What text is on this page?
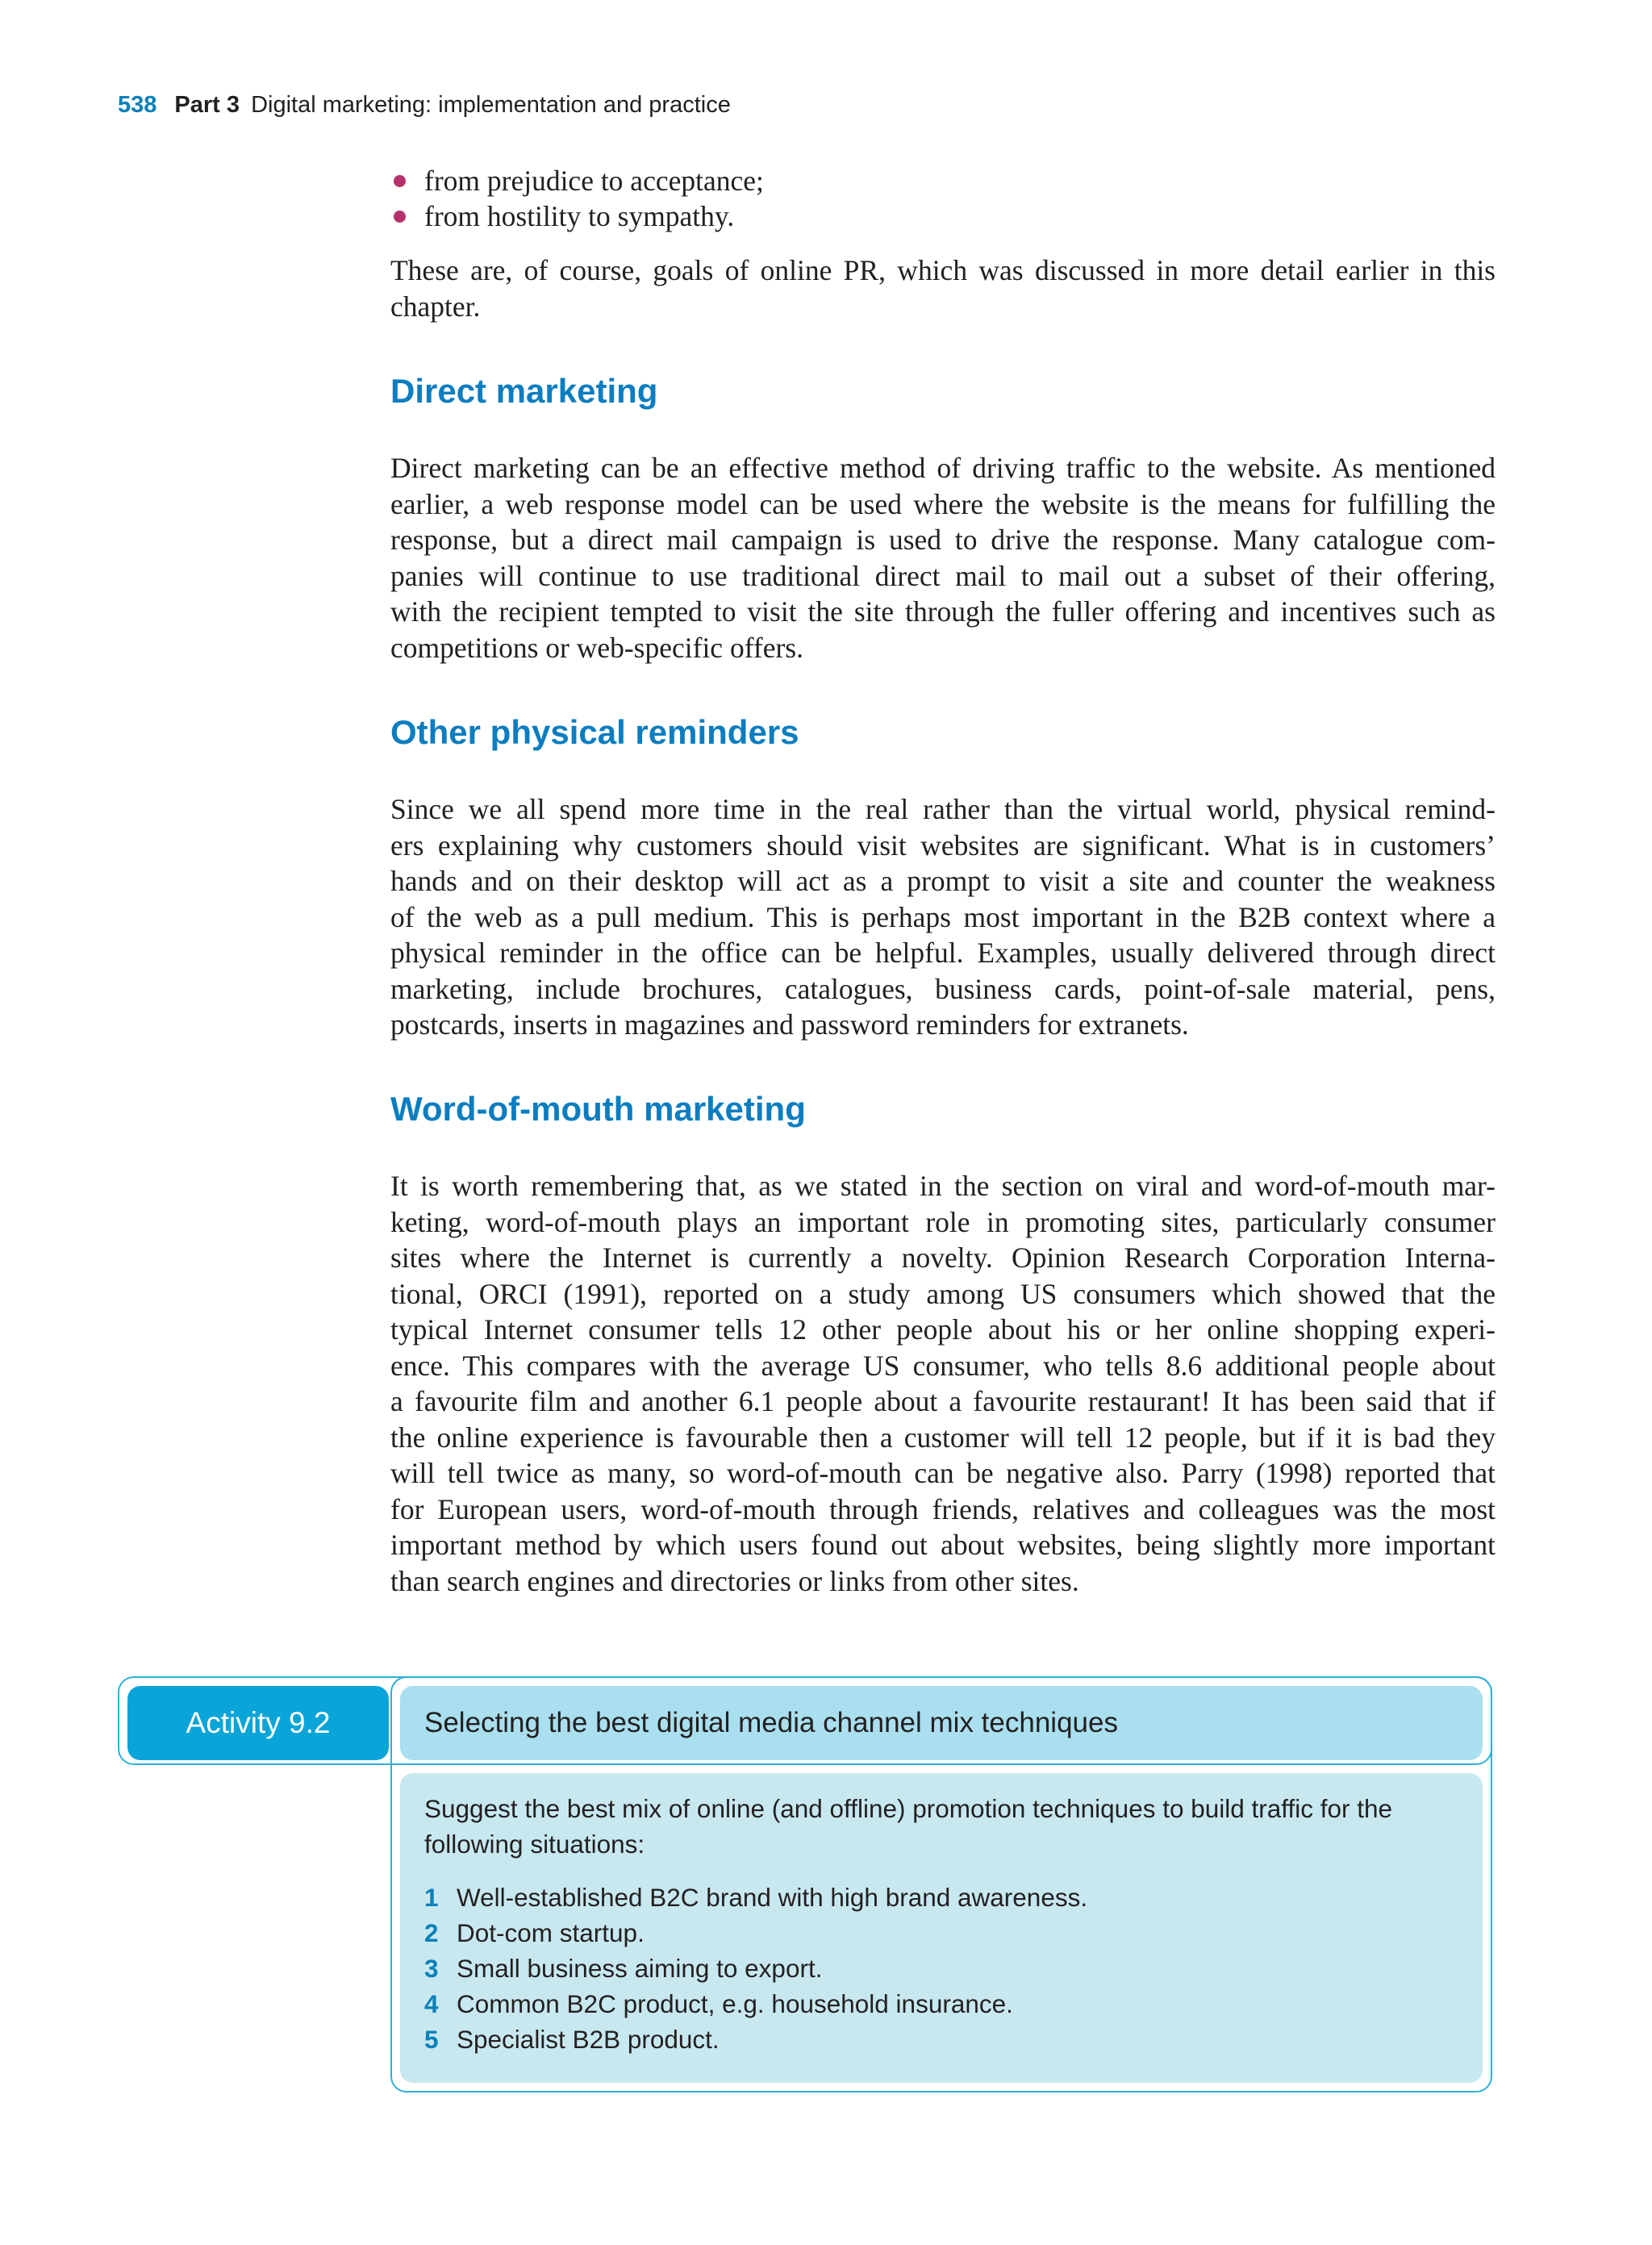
538 Part 3 Digital marketing: implementation and practice
from prejudice to acceptance;
from hostility to sympathy.
These are, of course, goals of online PR, which was discussed in more detail earlier in this
chapter.
Direct marketing
Direct marketing can be an effective method of driving traffic to the website. As mentioned
earlier, a web response model can be used where the website is the means for fulfilling the
response, but a direct mail campaign is used to drive the response. Many catalogue com-
panies will continue to use traditional direct mail to mail out a subset of their offering,
with the recipient tempted to visit the site through the fuller offering and incentives such as
competitions or web-specific offers.
Other physical reminders
Since we all spend more time in the real rather than the virtual world, physical remind-
ers explaining why customers should visit websites are significant. What is in customers’
hands and on their desktop will act as a prompt to visit a site and counter the weakness
of the web as a pull medium. This is perhaps most important in the B2B context where a
physical reminder in the office can be helpful. Examples, usually delivered through direct
marketing, include brochures, catalogues, business cards, point-of-sale material, pens,
postcards, inserts in magazines and password reminders for extranets.
Word-of-mouth marketing
It is worth remembering that, as we stated in the section on viral and word-of-mouth mar-
keting, word-of-mouth plays an important role in promoting sites, particularly consumer
sites where the Internet is currently a novelty. Opinion Research Corporation Interna-
tional, ORCI (1991), reported on a study among US consumers which showed that the
typical Internet consumer tells 12 other people about his or her online shopping experi-
ence. This compares with the average US consumer, who tells 8.6 additional people about
a favourite film and another 6.1 people about a favourite restaurant! It has been said that if
the online experience is favourable then a customer will tell 12 people, but if it is bad they
will tell twice as many, so word-of-mouth can be negative also. Parry (1998) reported that
for European users, word-of-mouth through friends, relatives and colleagues was the most
important method by which users found out about websites, being slightly more important
than search engines and directories or links from other sites.
Activity 9.2	Selecting the best digital media channel mix techniques
Suggest the best mix of online (and offline) promotion techniques to build traffic for the
following situations:
1 Well-established B2C brand with high brand awareness.
2 Dot-com startup.
3 Small business aiming to export.
4 Common B2C product, e.g. household insurance.
5 Specialist B2B product.
